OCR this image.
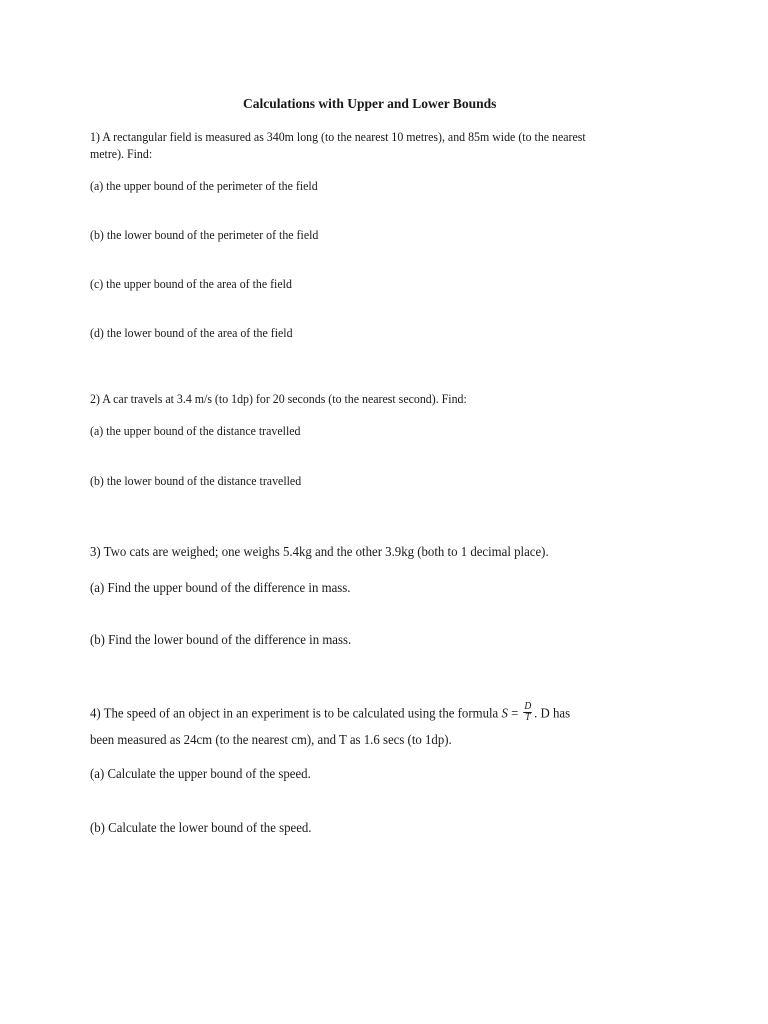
Calculations with Upper and Lower Bounds
1) A rectangular field is measured as 340m long (to the nearest 10 metres), and 85m wide (to the nearest
metre). Find:
(a) the upper bound of the perimeter of the field
(b) the lower bound of the perimeter of the field
(c) the upper bound of the area of the field
(d) the lower bound of the area of the field
2) A car travels at 3.4 m/s (to 1dp) for 20 seconds (to the nearest second). Find:
(a) the upper bound of the distance travelled
(b) the lower bound of the distance travelled
3) Two cats are weighed; one weighs 5.4kg and the other 3.9kg (both to 1 decimal place).
(a) Find the upper bound of the difference in mass.
(b) Find the lower bound of the difference in mass.
4) The speed of an object in an experiment is to be calculated using the formula $S = \frac{D}{T}$ . D has
been measured as 24cm (to the nearest cm), and T as 1.6 secs (to 1dp).
(a) Calculate the upper bound of the speed.
(b) Calculate the lower bound of the speed.
